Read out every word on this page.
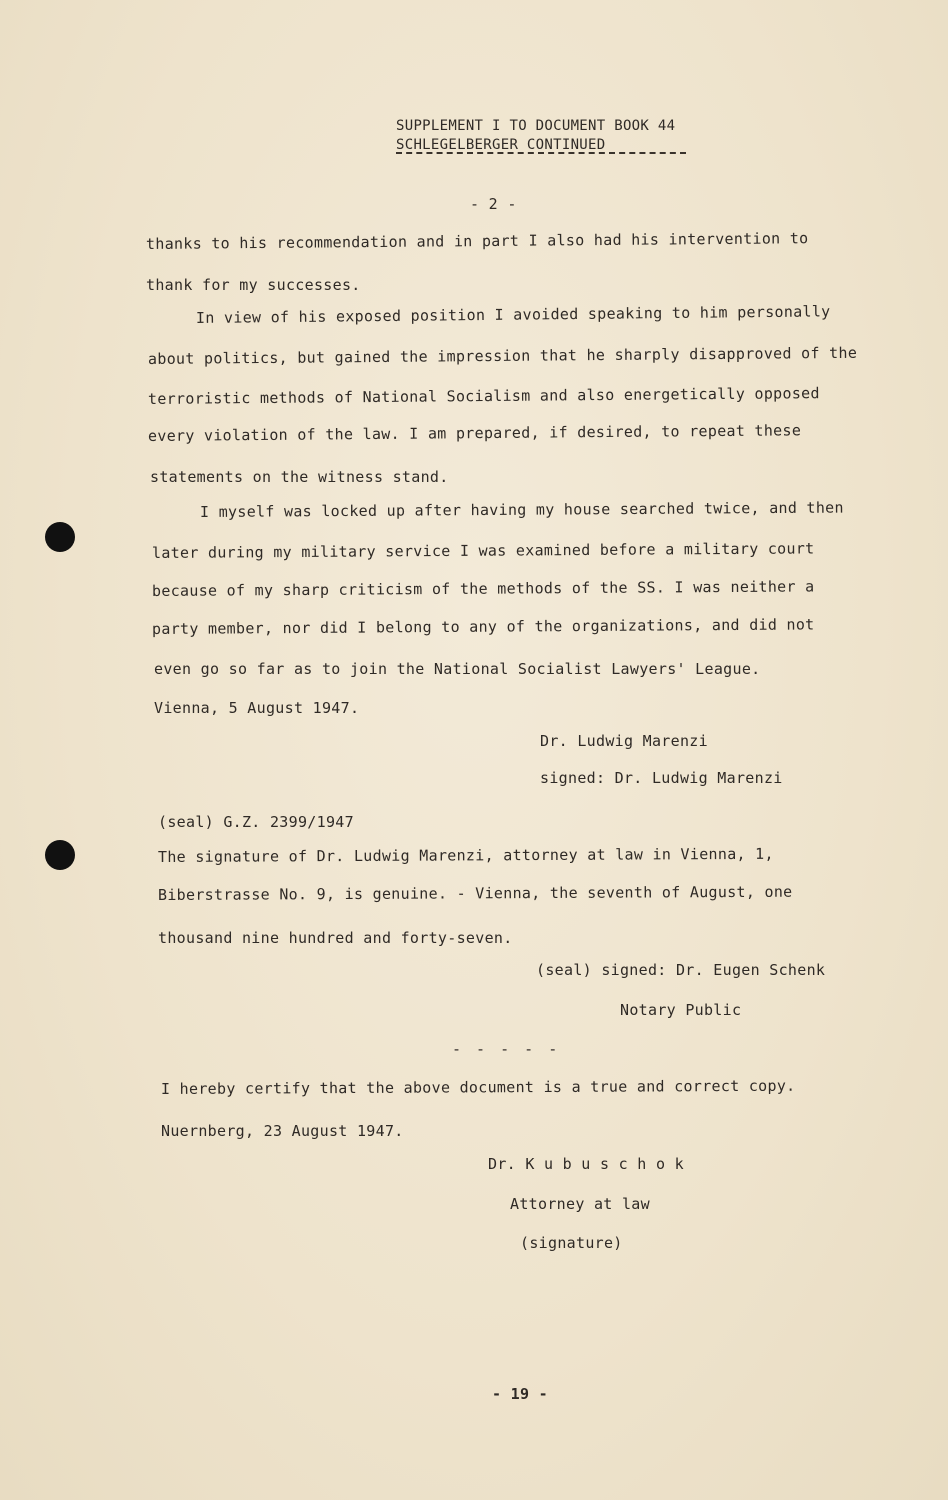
SUPPLEMENT I TO DOCUMENT BOOK 44
SCHLEGELBERGER CONTINUED
- 2 -
thanks to his recommendation and in part I also had his intervention to
thank for my successes.
In view of his exposed position I avoided speaking to him personally
about politics, but gained the impression that he sharply disapproved of the
terroristic methods of National Socialism and also energetically opposed
every violation of the law. I am prepared, if desired, to repeat these
statements on the witness stand.
I myself was locked up after having my house searched twice, and then
later during my military service I was examined before a military court
because of my sharp criticism of the methods of the SS. I was neither a
party member, nor did I belong to any of the organizations, and did not
even go so far as to join the National Socialist Lawyers' League.
Vienna, 5 August 1947.
Dr. Ludwig Marenzi
signed: Dr. Ludwig Marenzi
(seal) G.Z. 2399/1947
The signature of Dr. Ludwig Marenzi, attorney at law in Vienna, 1,
Biberstrasse No. 9, is genuine. - Vienna, the seventh of August, one
thousand nine hundred and forty-seven.
(seal) signed: Dr. Eugen Schenk
Notary Public
- - - - -
I hereby certify that the above document is a true and correct copy.
Nuernberg, 23 August 1947.
Dr. K u b u s c h o k
Attorney at law
(signature)
- 19 -
